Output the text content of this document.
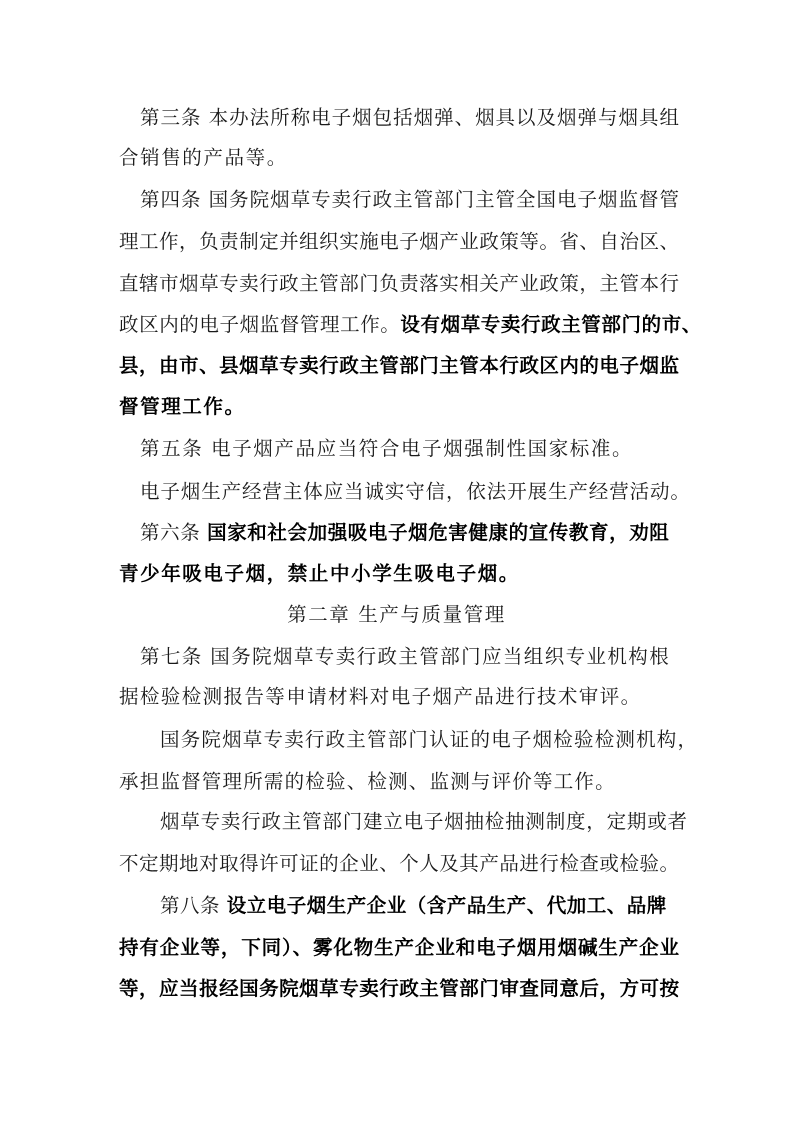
第三条 本办法所称电子烟包括烟弹、烟具以及烟弹与烟具组
合销售的产品等。
第四条 国务院烟草专卖行政主管部门主管全国电子烟监督管
理工作，负责制定并组织实施电子烟产业政策等。省、自治区、
直辖市烟草专卖行政主管部门负责落实相关产业政策，主管本行
政区内的电子烟监督管理工作。设有烟草专卖行政主管部门的市、
县，由市、县烟草专卖行政主管部门主管本行政区内的电子烟监
督管理工作。
第五条 电子烟产品应当符合电子烟强制性国家标准。
电子烟生产经营主体应当诚实守信，依法开展生产经营活动。
第六条 国家和社会加强吸电子烟危害健康的宣传教育，劝阻
青少年吸电子烟，禁止中小学生吸电子烟。
第二章 生产与质量管理
第七条 国务院烟草专卖行政主管部门应当组织专业机构根
据检验检测报告等申请材料对电子烟产品进行技术审评。
国务院烟草专卖行政主管部门认证的电子烟检验检测机构，
承担监督管理所需的检验、检测、监测与评价等工作。
烟草专卖行政主管部门建立电子烟抽检抽测制度，定期或者
不定期地对取得许可证的企业、个人及其产品进行检查或检验。
第八条 设立电子烟生产企业（含产品生产、代加工、品牌
持有企业等，下同）、雾化物生产企业和电子烟用烟碱生产企业
等，应当报经国务院烟草专卖行政主管部门审查同意后，方可按
